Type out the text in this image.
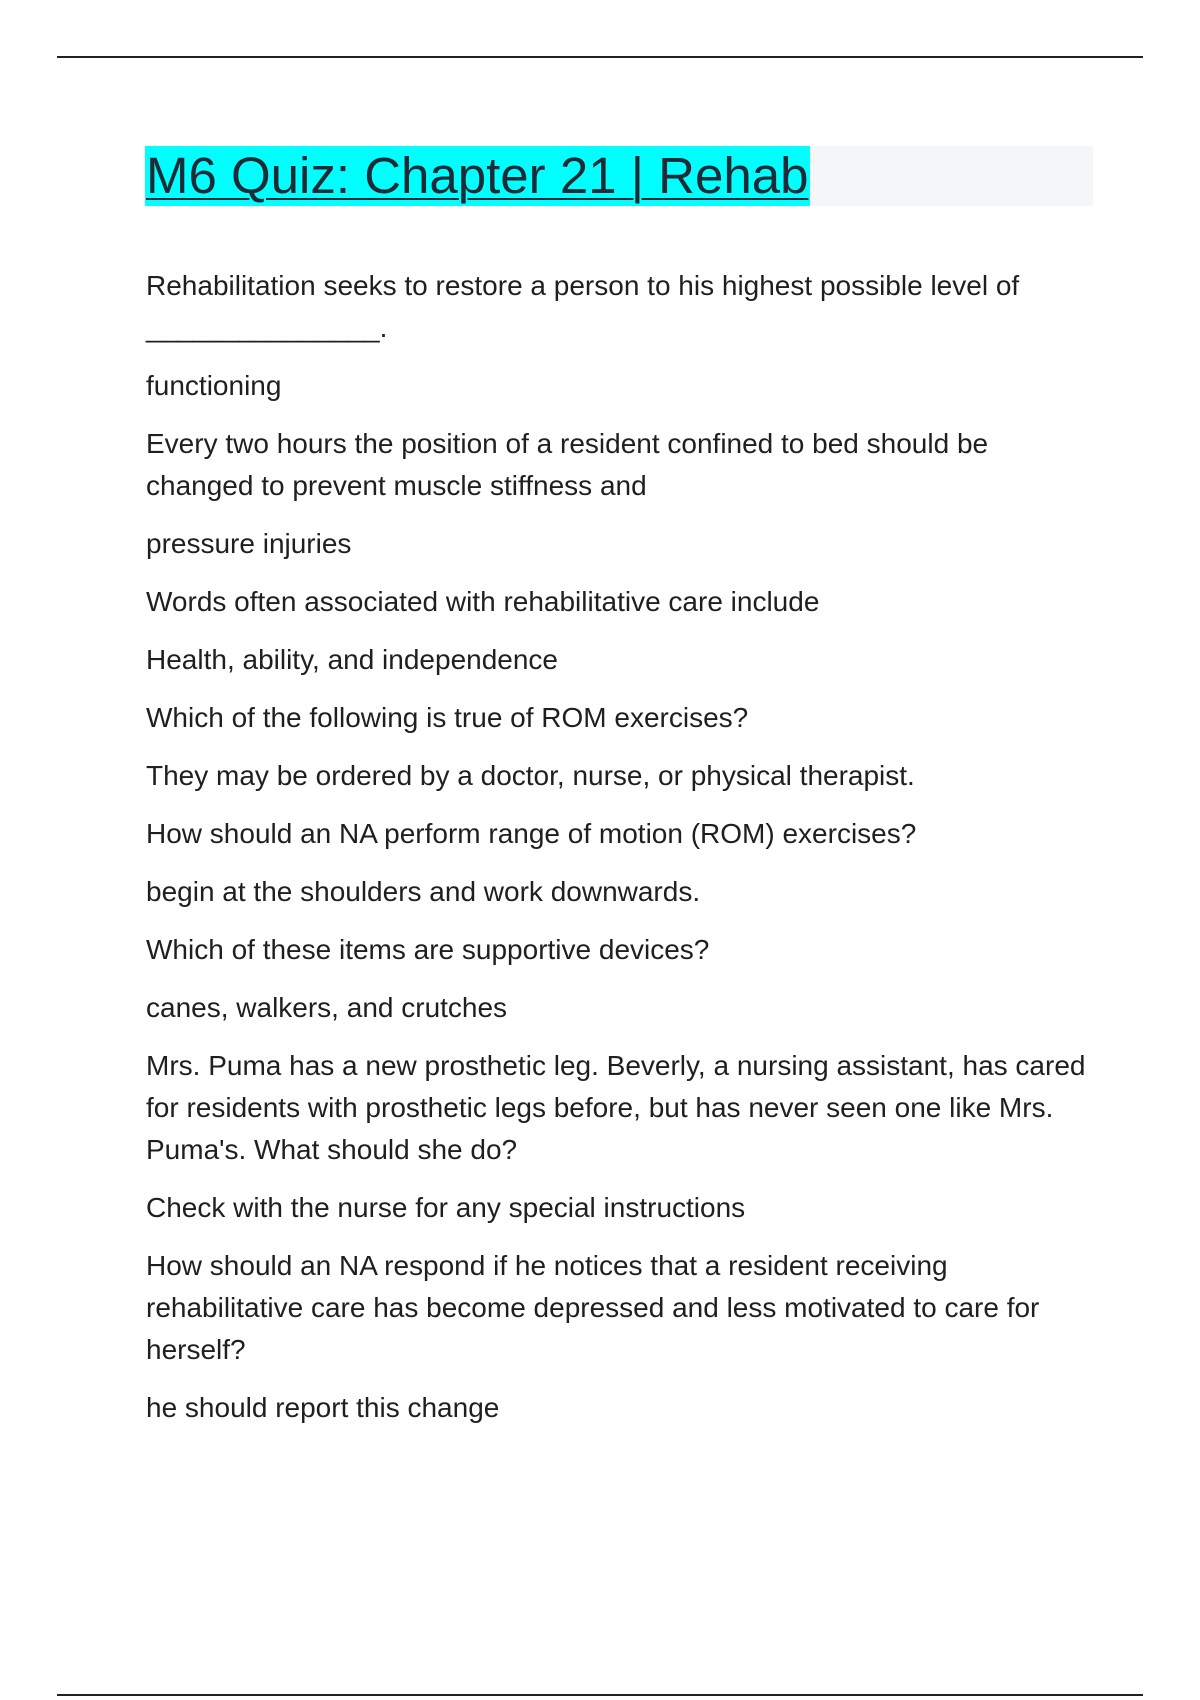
M6 Quiz: Chapter 21 | Rehab

Rehabilitation seeks to restore a person to his highest possible level of
_______________.

functioning

Every two hours the position of a resident confined to bed should be changed to prevent muscle stiffness and

pressure injuries

Words often associated with rehabilitative care include

Health, ability, and independence

Which of the following is true of ROM exercises?

They may be ordered by a doctor, nurse, or physical therapist.

How should an NA perform range of motion (ROM) exercises?

begin at the shoulders and work downwards.

Which of these items are supportive devices?

canes, walkers, and crutches

Mrs. Puma has a new prosthetic leg. Beverly, a nursing assistant, has cared for residents with prosthetic legs before, but has never seen one like Mrs. Puma's. What should she do?

Check with the nurse for any special instructions

How should an NA respond if he notices that a resident receiving rehabilitative care has become depressed and less motivated to care for herself?

he should report this change
